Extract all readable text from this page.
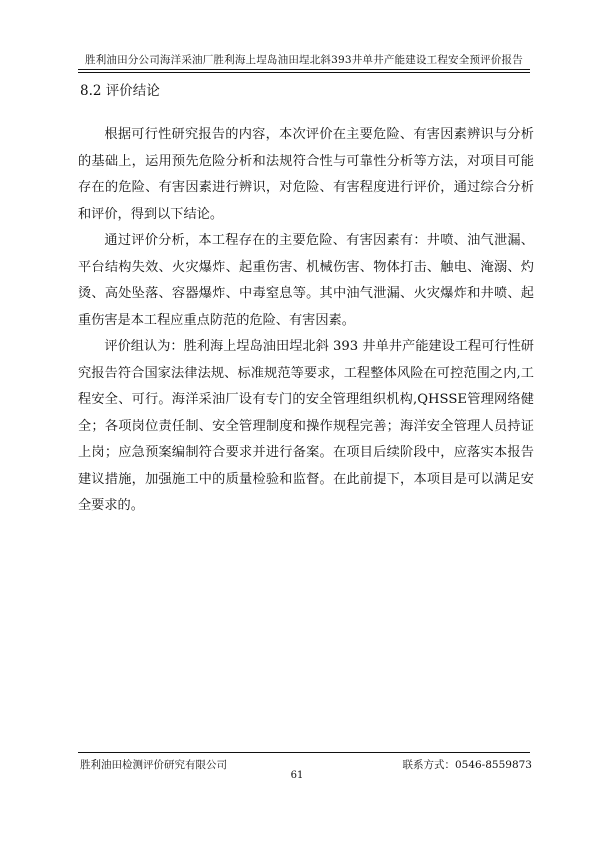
胜利油田分公司海洋采油厂胜利海上埕岛油田埕北斜393井单井产能建设工程安全预评价报告
8.2 评价结论

根据可行性研究报告的内容，本次评价在主要危险、有害因素辨识与分析的基础上，运用预先危险分析和法规符合性与可靠性分析等方法，对项目可能存在的危险、有害因素进行辨识，对危险、有害程度进行评价，通过综合分析和评价，得到以下结论。

通过评价分析，本工程存在的主要危险、有害因素有：井喷、油气泄漏、平台结构失效、火灾爆炸、起重伤害、机械伤害、物体打击、触电、淹溺、灼烫、高处坠落、容器爆炸、中毒窒息等。其中油气泄漏、火灾爆炸和井喷、起重伤害是本工程应重点防范的危险、有害因素。

评价组认为：胜利海上埕岛油田埕北斜 393 井单井产能建设工程可行性研究报告符合国家法律法规、标准规范等要求，工程整体风险在可控范围之内,工程安全、可行。海洋采油厂设有专门的安全管理组织机构,QHSSE管理网络健全；各项岗位责任制、安全管理制度和操作规程完善；海洋安全管理人员持证上岗；应急预案编制符合要求并进行备案。在项目后续阶段中，应落实本报告建议措施，加强施工中的质量检验和监督。在此前提下，本项目是可以满足安全要求的。

胜利油田检测评价研究有限公司	联系方式：0546-8559873
61
